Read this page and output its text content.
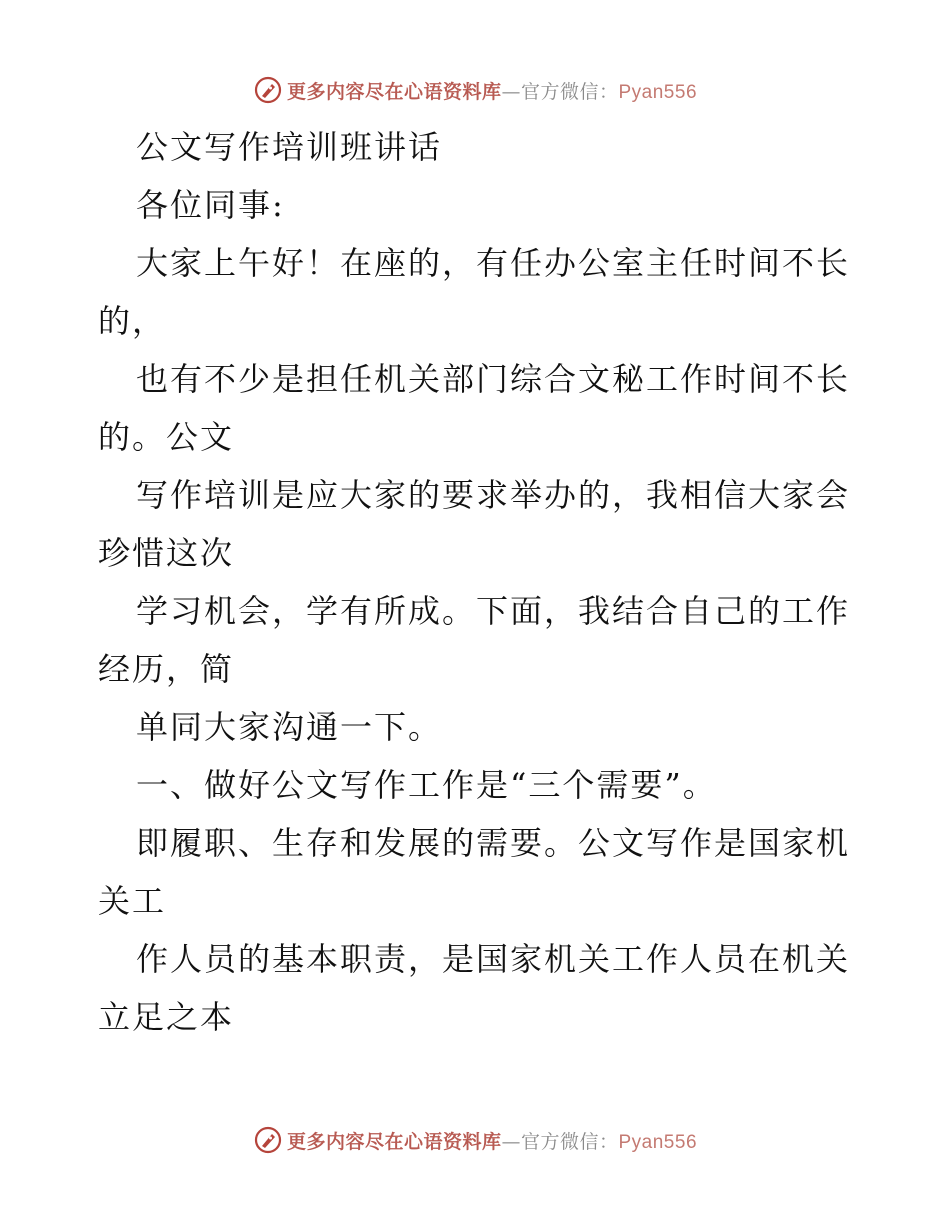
更多内容尽在心语资料库—官方微信：Pyan556

公文写作培训班讲话

各位同事:

大家上午好！在座的，有任办公室主任时间不长

的，

也有不少是担任机关部门综合文秘工作时间不长

的。公文

写作培训是应大家的要求举办的，我相信大家会

珍惜这次

学习机会，学有所成。下面，我结合自己的工作

经历，简

单同大家沟通一下。

一、做好公文写作工作是“三个需要”。

即履职、生存和发展的需要。公文写作是国家机

关工

作人员的基本职责，是国家机关工作人员在机关

立足之本

更多内容尽在心语资料库—官方微信：Pyan556
